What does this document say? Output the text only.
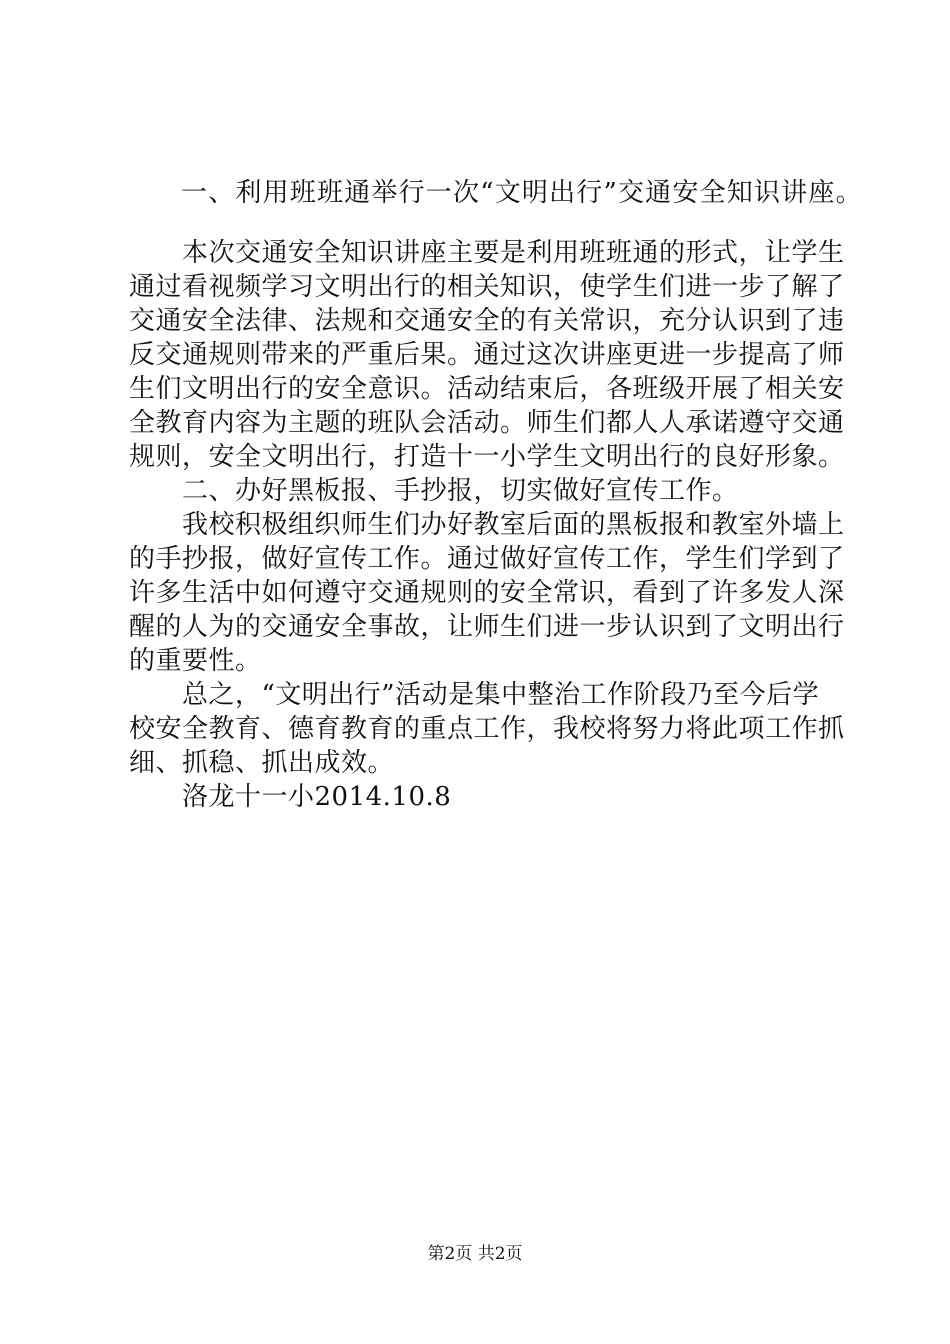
一、利用班班通举行一次“文明出行”交通安全知识讲座。
本次交通安全知识讲座主要是利用班班通的形式，让学生
通过看视频学习文明出行的相关知识，使学生们进一步了解了
交通安全法律、法规和交通安全的有关常识，充分认识到了违
反交通规则带来的严重后果。通过这次讲座更进一步提高了师
生们文明出行的安全意识。活动结束后，各班级开展了相关安
全教育内容为主题的班队会活动。师生们都人人承诺遵守交通
规则，安全文明出行，打造十一小学生文明出行的良好形象。
二、办好黑板报、手抄报，切实做好宣传工作。
我校积极组织师生们办好教室后面的黑板报和教室外墙上
的手抄报，做好宣传工作。通过做好宣传工作，学生们学到了
许多生活中如何遵守交通规则的安全常识，看到了许多发人深
醒的人为的交通安全事故，让师生们进一步认识到了文明出行
的重要性。
总之，“文明出行”活动是集中整治工作阶段乃至今后学
校安全教育、德育教育的重点工作，我校将努力将此项工作抓
细、抓稳、抓出成效。
洛龙十一小2014.10.8
第2页 共2页
